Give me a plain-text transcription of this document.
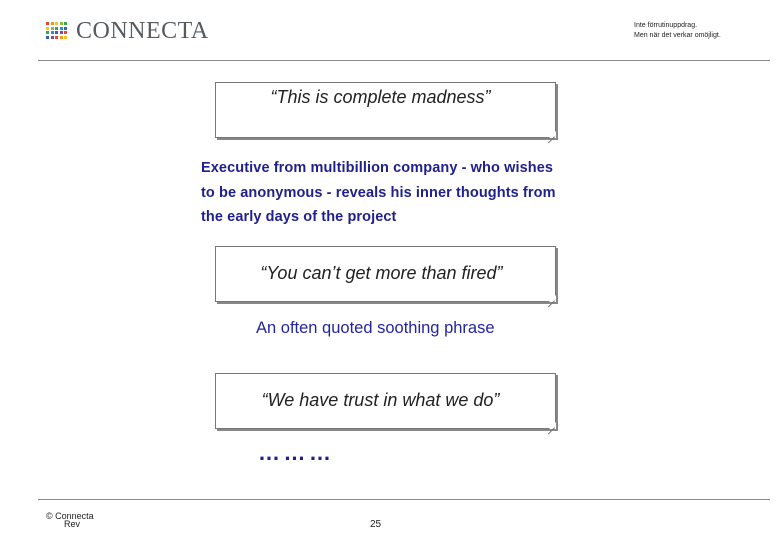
CONNECTA	Inte förrutinuppdrag.
Men när det verkar omöjligt.
“This is complete madness”
Executive from multibillion company - who wishes
to be anonymous - reveals his inner thoughts from
the early days of the project
“You can’t get more than fired”
An often quoted soothing phrase
“We have trust in what we do”
………
© Connecta
Rev	25
